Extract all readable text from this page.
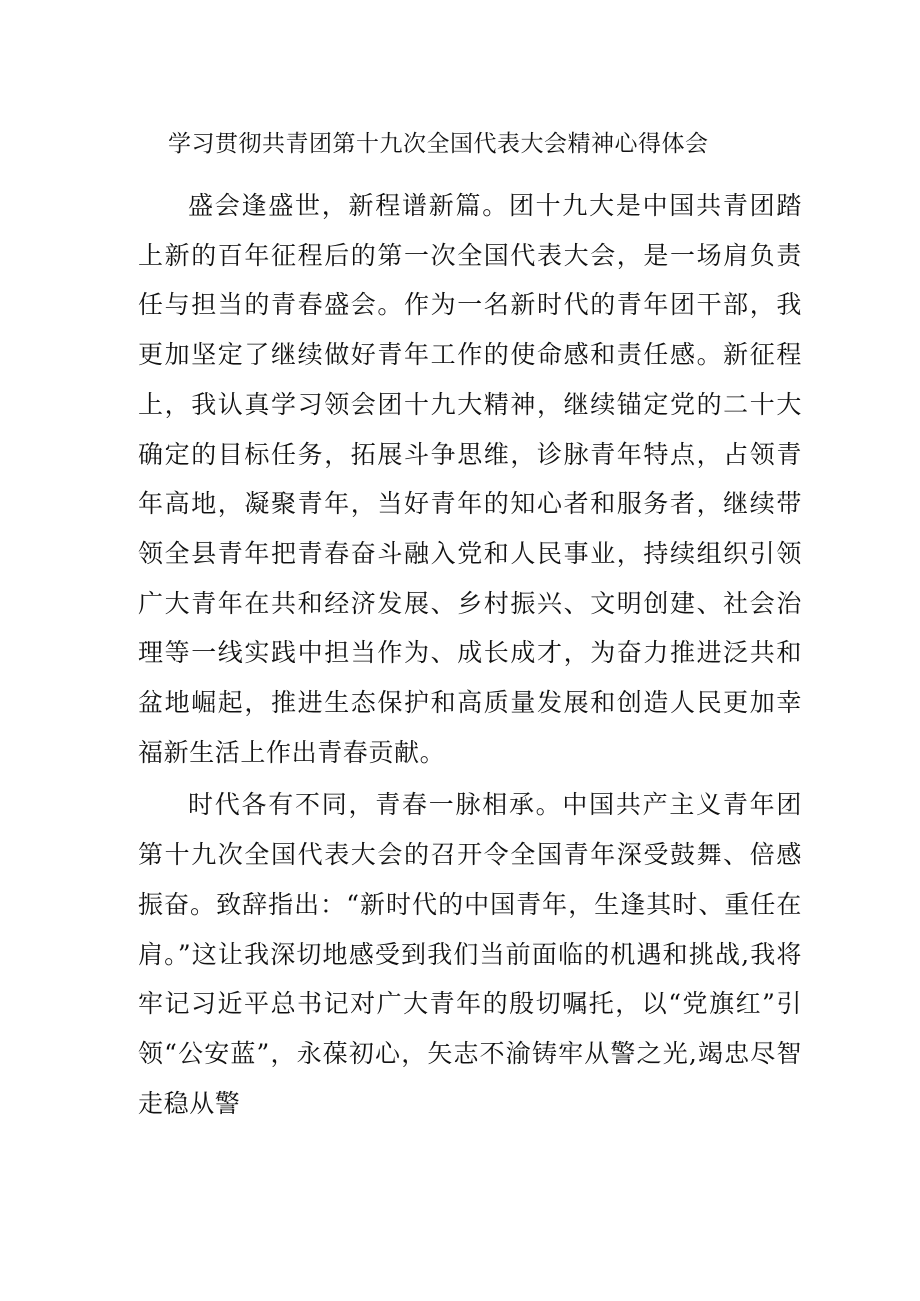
学习贯彻共青团第十九次全国代表大会精神心得体会

盛会逢盛世，新程谱新篇。团十九大是中国共青团踏上新的百年征程后的第一次全国代表大会，是一场肩负责任与担当的青春盛会。作为一名新时代的青年团干部，我更加坚定了继续做好青年工作的使命感和责任感。新征程上，我认真学习领会团十九大精神，继续锚定党的二十大确定的目标任务，拓展斗争思维，诊脉青年特点，占领青年高地，凝聚青年，当好青年的知心者和服务者，继续带领全县青年把青春奋斗融入党和人民事业，持续组织引领广大青年在共和经济发展、乡村振兴、文明创建、社会治理等一线实践中担当作为、成长成才，为奋力推进泛共和盆地崛起，推进生态保护和高质量发展和创造人民更加幸福新生活上作出青春贡献。

时代各有不同，青春一脉相承。中国共产主义青年团第十九次全国代表大会的召开令全国青年深受鼓舞、倍感振奋。致辞指出：“新时代的中国青年，生逢其时、重任在肩。”这让我深切地感受到我们当前面临的机遇和挑战,我将牢记习近平总书记对广大青年的殷切嘱托，以“党旗红”引领“公安蓝”，永葆初心，矢志不渝铸牢从警之光,竭忠尽智走稳从警
